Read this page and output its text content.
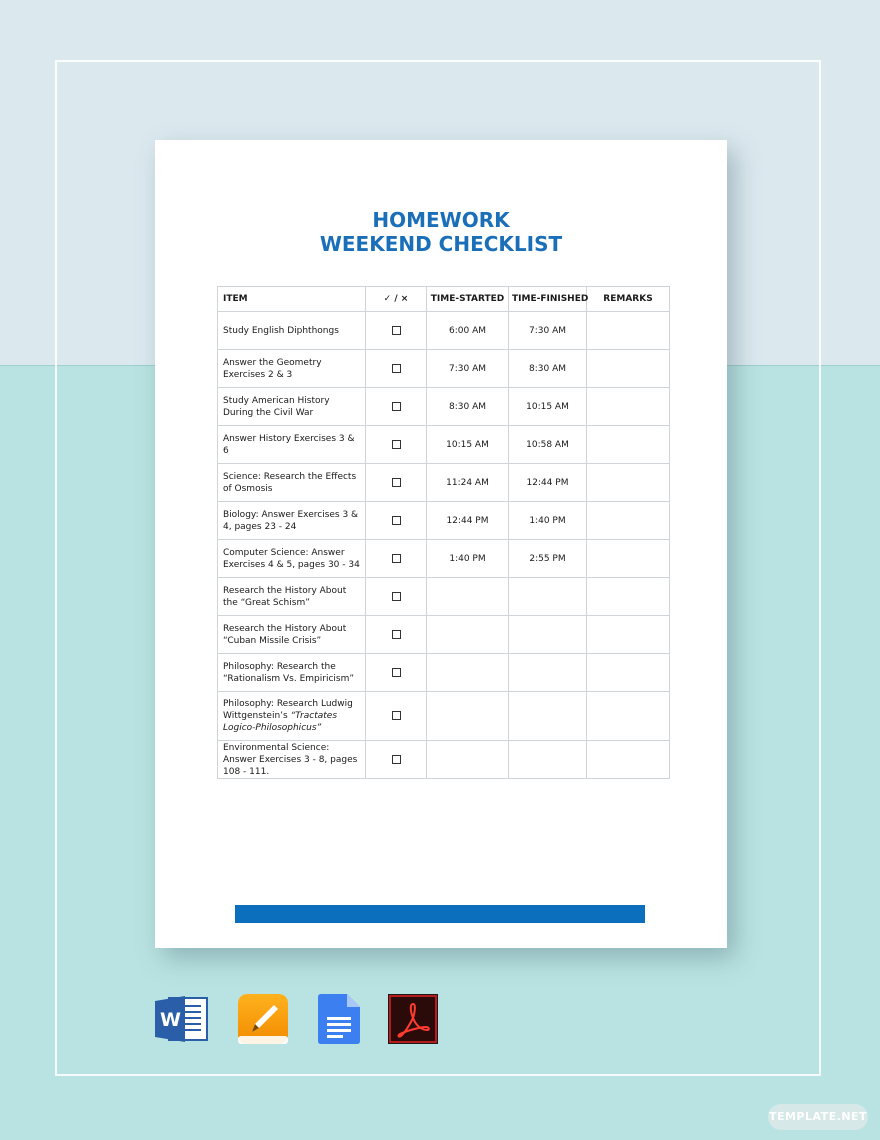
HOMEWORK
WEEKEND CHECKLIST
ITEM	✓ / ×	TIME-STARTED	TIME-FINISHED	REMARKS
Study English Diphthongs		6:00 AM	7:30 AM	
Answer the Geometry Exercises 2 & 3		7:30 AM	8:30 AM	
Study American History During the Civil War		8:30 AM	10:15 AM	
Answer History Exercises 3 & 6		10:15 AM	10:58 AM	
Science: Research the Effects of Osmosis		11:24 AM	12:44 PM	
Biology: Answer Exercises 3 & 4, pages 23 - 24		12:44 PM	1:40 PM	
Computer Science: Answer Exercises 4 & 5, pages 30 - 34		1:40 PM	2:55 PM	
Research the History About the “Great Schism”				
Research the History About “Cuban Missile Crisis”				
Philosophy: Research the “Rationalism Vs. Empiricism”				
Philosophy: Research Ludwig Wittgenstein’s “Tractates Logico-Philosophicus”				
Environmental Science: Answer Exercises 3 - 8, pages 108 - 111.				
W
TEMPLATE.NET
